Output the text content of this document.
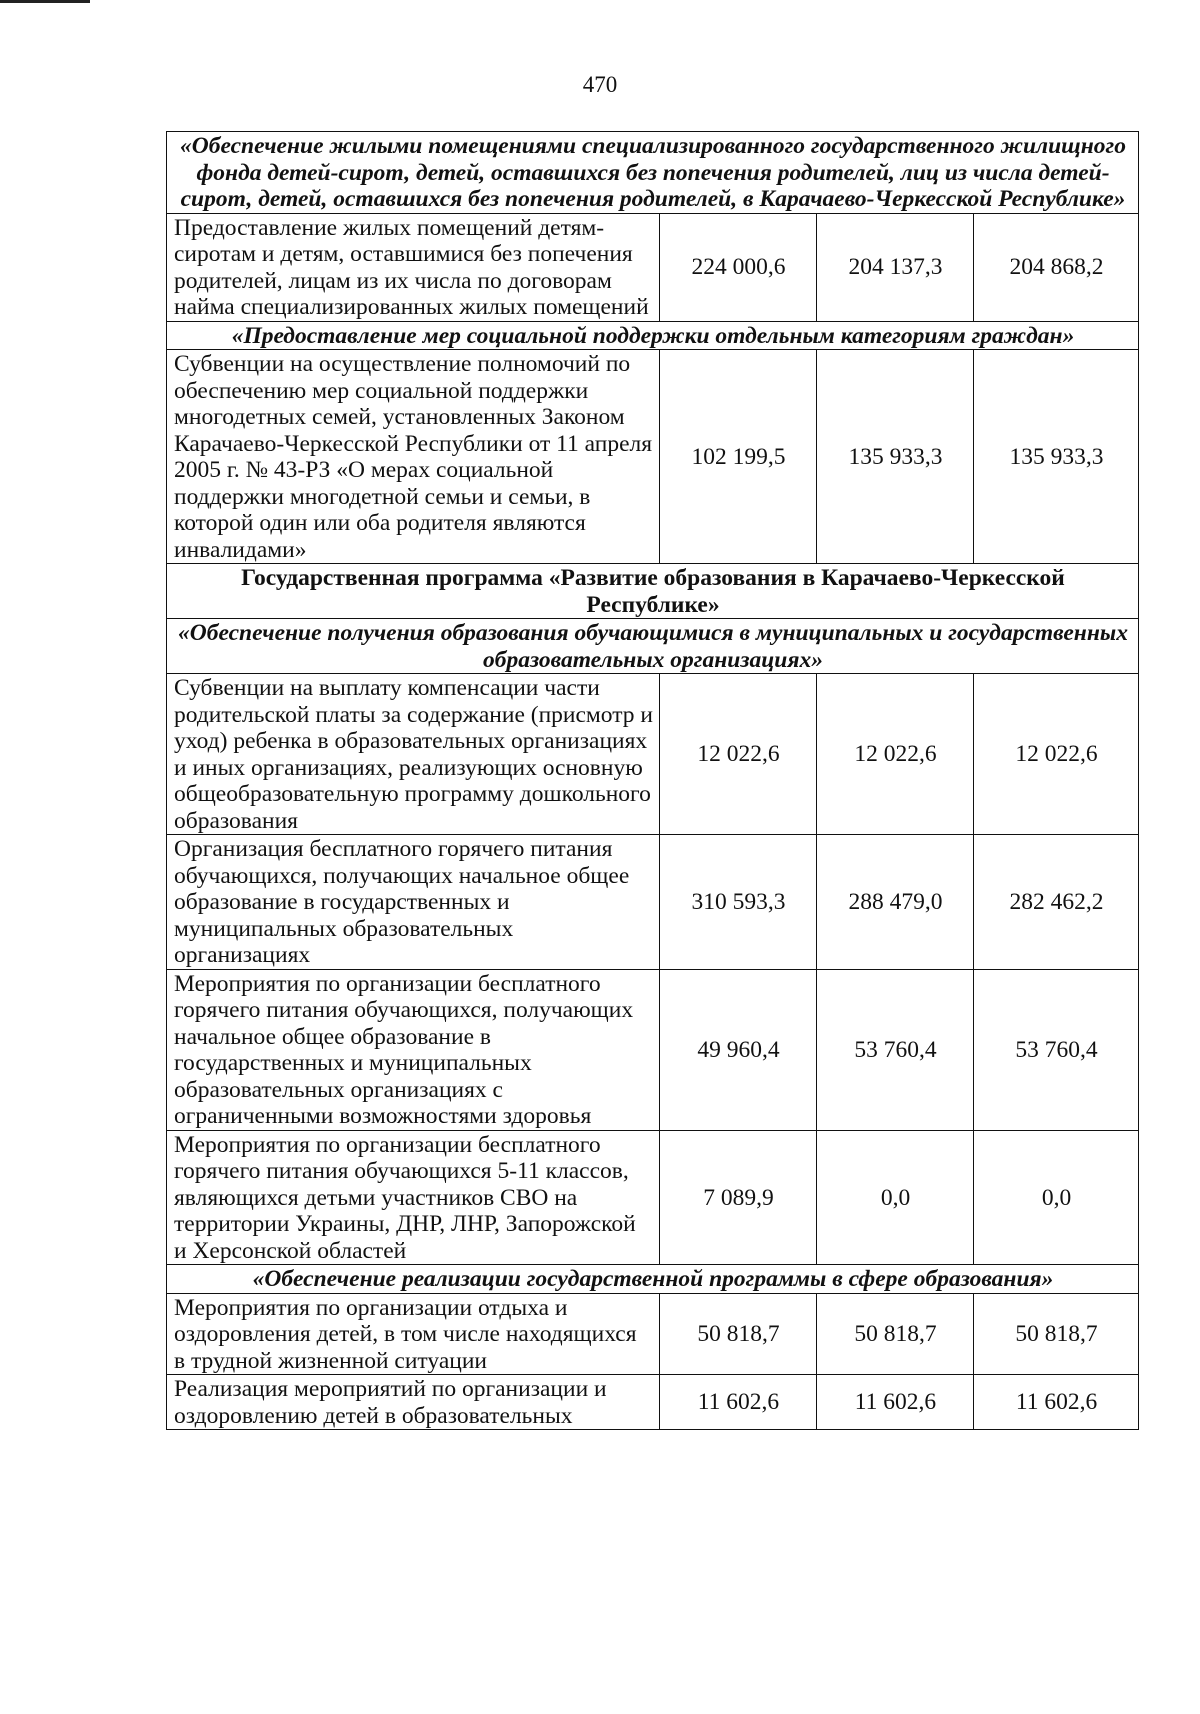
470
«Обеспечение жилыми помещениями специализированного государственного жилищного фонда детей-сирот, детей, оставшихся без попечения родителей, лиц из числа детей-сирот, детей, оставшихся без попечения родителей, в Карачаево-Черкесской Республике»			
Предоставление жилых помещений детям-сиротам и детям, оставшимися без попечения родителей, лицам из их числа по договорам найма специализированных жилых помещений	224 000,6	204 137,3	204 868,2
«Предоставление мер социальной поддержки отдельным категориям граждан»			
Субвенции на осуществление полномочий по обеспечению мер социальной поддержки многодетных семей, установленных Законом Карачаево-Черкесской Республики от 11 апреля 2005 г. № 43-РЗ «О мерах социальной поддержки многодетной семьи и семьи, в которой один или оба родителя являются инвалидами»	102 199,5	135 933,3	135 933,3
Государственная программа «Развитие образования в Карачаево-Черкесской Республике»			
«Обеспечение получения образования обучающимися в муниципальных и государственных образовательных организациях»			
Субвенции на выплату компенсации части родительской платы за содержание (присмотр и уход) ребенка в образовательных организациях и иных организациях, реализующих основную общеобразовательную программу дошкольного образования	12 022,6	12 022,6	12 022,6
Организация бесплатного горячего питания обучающихся, получающих начальное общее образование в государственных и муниципальных образовательных организациях	310 593,3	288 479,0	282 462,2
Мероприятия по организации бесплатного горячего питания обучающихся, получающих начальное общее образование в государственных и муниципальных образовательных организациях с ограниченными возможностями здоровья	49 960,4	53 760,4	53 760,4
Мероприятия по организации бесплатного горячего питания обучающихся 5-11 классов, являющихся детьми участников СВО на территории Украины, ДНР, ЛНР, Запорожской и Херсонской областей	7 089,9	0,0	0,0
«Обеспечение реализации государственной программы в сфере образования»			
Мероприятия по организации отдыха и оздоровления детей, в том числе находящихся в трудной жизненной ситуации	50 818,7	50 818,7	50 818,7
Реализация мероприятий по организации и оздоровлению детей в образовательных	11 602,6	11 602,6	11 602,6
